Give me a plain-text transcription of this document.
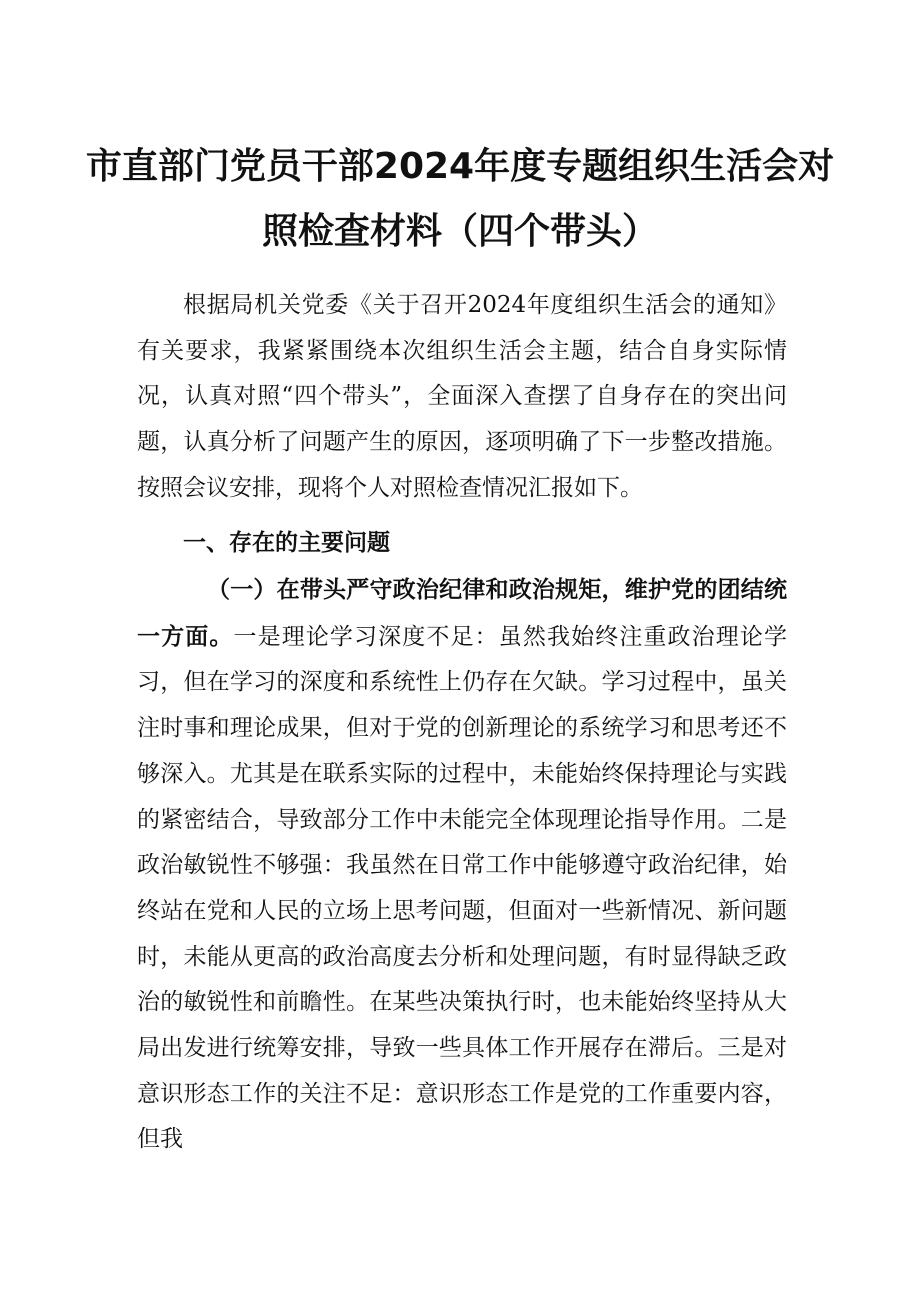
市直部门党员干部2024年度专题组织生活会对
照检查材料（四个带头）
根据局机关党委《关于召开2024年度组织生活会的通知》有关要求，我紧紧围绕本次组织生活会主题，结合自身实际情况，认真对照“四个带头”，全面深入查摆了自身存在的突出问题，认真分析了问题产生的原因，逐项明确了下一步整改措施。按照会议安排，现将个人对照检查情况汇报如下。
一、存在的主要问题
（一）在带头严守政治纪律和政治规矩，维护党的团结统一方面。一是理论学习深度不足：虽然我始终注重政治理论学习，但在学习的深度和系统性上仍存在欠缺。学习过程中，虽关注时事和理论成果，但对于党的创新理论的系统学习和思考还不够深入。尤其是在联系实际的过程中，未能始终保持理论与实践的紧密结合，导致部分工作中未能完全体现理论指导作用。二是政治敏锐性不够强：我虽然在日常工作中能够遵守政治纪律，始终站在党和人民的立场上思考问题，但面对一些新情况、新问题时，未能从更高的政治高度去分析和处理问题，有时显得缺乏政治的敏锐性和前瞻性。在某些决策执行时，也未能始终坚持从大局出发进行统筹安排，导致一些具体工作开展存在滞后。三是对意识形态工作的关注不足：意识形态工作是党的工作重要内容，但我
